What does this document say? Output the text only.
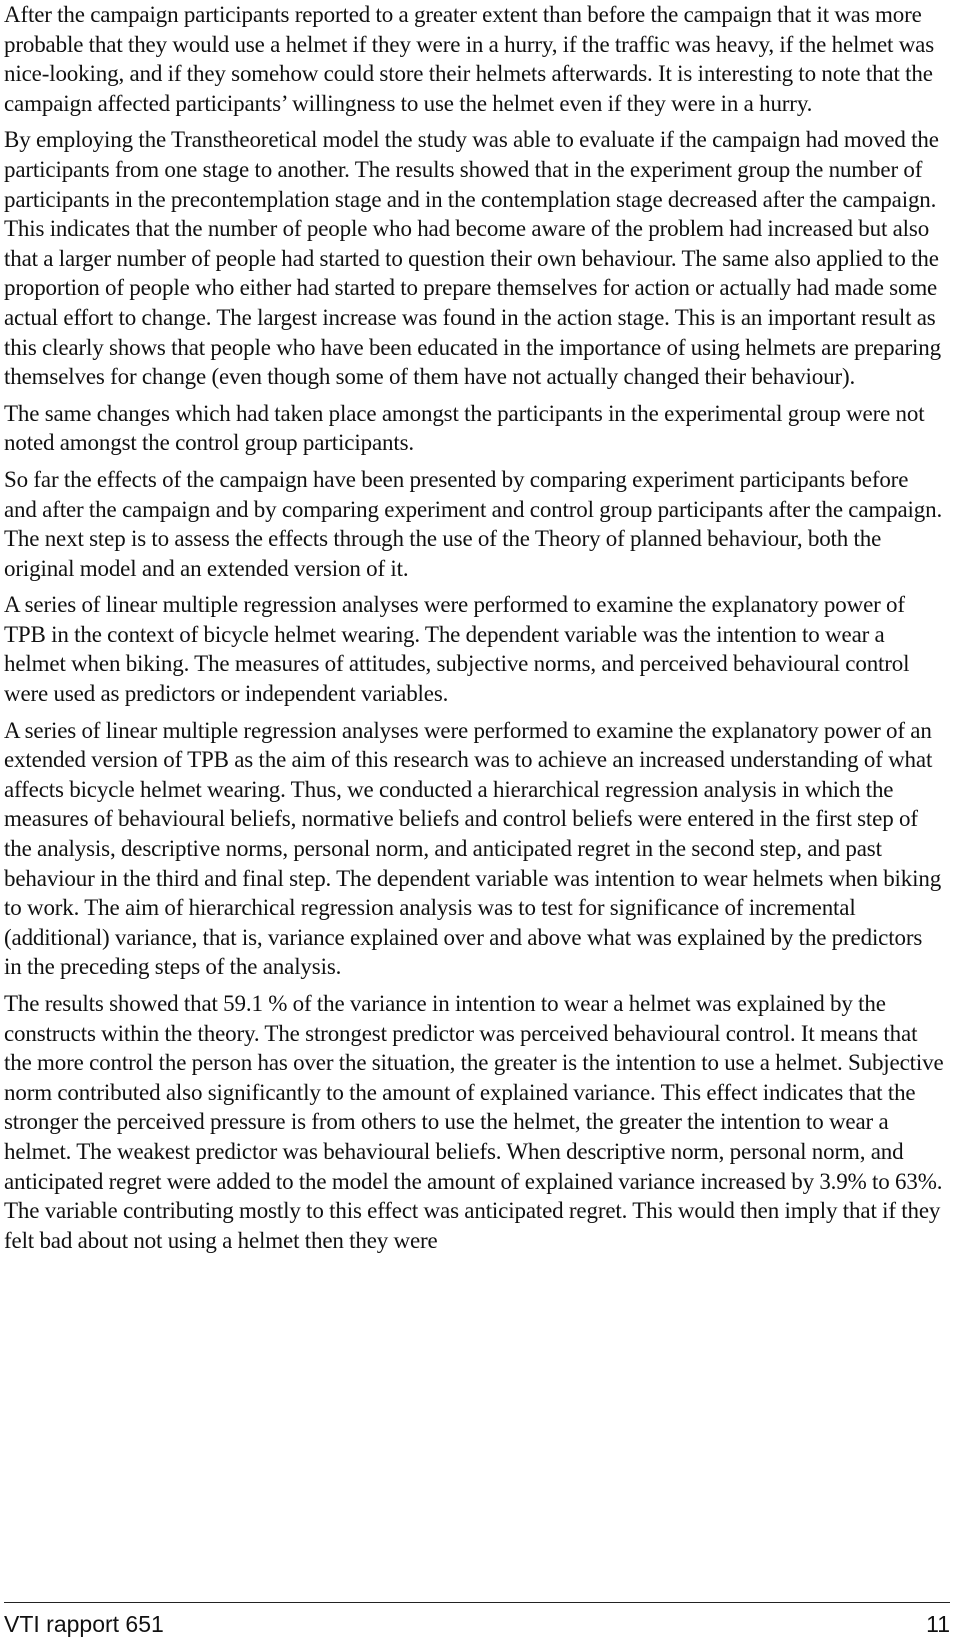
After the campaign participants reported to a greater extent than before the campaign that it was more probable that they would use a helmet if they were in a hurry, if the traffic was heavy, if the helmet was nice-looking, and if they somehow could store their helmets afterwards. It is interesting to note that the campaign affected participants’ willingness to use the helmet even if they were in a hurry.

By employing the Transtheoretical model the study was able to evaluate if the campaign had moved the participants from one stage to another. The results showed that in the experiment group the number of participants in the precontemplation stage and in the contemplation stage decreased after the campaign. This indicates that the number of people who had become aware of the problem had increased but also that a larger number of people had started to question their own behaviour. The same also applied to the proportion of people who either had started to prepare themselves for action or actually had made some actual effort to change. The largest increase was found in the action stage. This is an important result as this clearly shows that people who have been educated in the importance of using helmets are preparing themselves for change (even though some of them have not actually changed their behaviour).

The same changes which had taken place amongst the participants in the experimental group were not noted amongst the control group participants.

So far the effects of the campaign have been presented by comparing experiment participants before and after the campaign and by comparing experiment and control group participants after the campaign. The next step is to assess the effects through the use of the Theory of planned behaviour, both the original model and an extended version of it.

A series of linear multiple regression analyses were performed to examine the explanatory power of TPB in the context of bicycle helmet wearing. The dependent variable was the intention to wear a helmet when biking. The measures of attitudes, subjective norms, and perceived behavioural control were used as predictors or independent variables.

A series of linear multiple regression analyses were performed to examine the explanatory power of an extended version of TPB as the aim of this research was to achieve an increased understanding of what affects bicycle helmet wearing. Thus, we conducted a hierarchical regression analysis in which the measures of behavioural beliefs, normative beliefs and control beliefs were entered in the first step of the analysis, descriptive norms, personal norm, and anticipated regret in the second step, and past behaviour in the third and final step. The dependent variable was intention to wear helmets when biking to work. The aim of hierarchical regression analysis was to test for significance of incremental (additional) variance, that is, variance explained over and above what was explained by the predictors in the preceding steps of the analysis.

The results showed that 59.1 % of the variance in intention to wear a helmet was explained by the constructs within the theory. The strongest predictor was perceived behavioural control. It means that the more control the person has over the situation, the greater is the intention to use a helmet. Subjective norm contributed also significantly to the amount of explained variance. This effect indicates that the stronger the perceived pressure is from others to use the helmet, the greater the intention to wear a helmet. The weakest predictor was behavioural beliefs. When descriptive norm, personal norm, and anticipated regret were added to the model the amount of explained variance increased by 3.9% to 63%. The variable contributing mostly to this effect was anticipated regret. This would then imply that if they felt bad about not using a helmet then they were

VTI rapport 651	11
